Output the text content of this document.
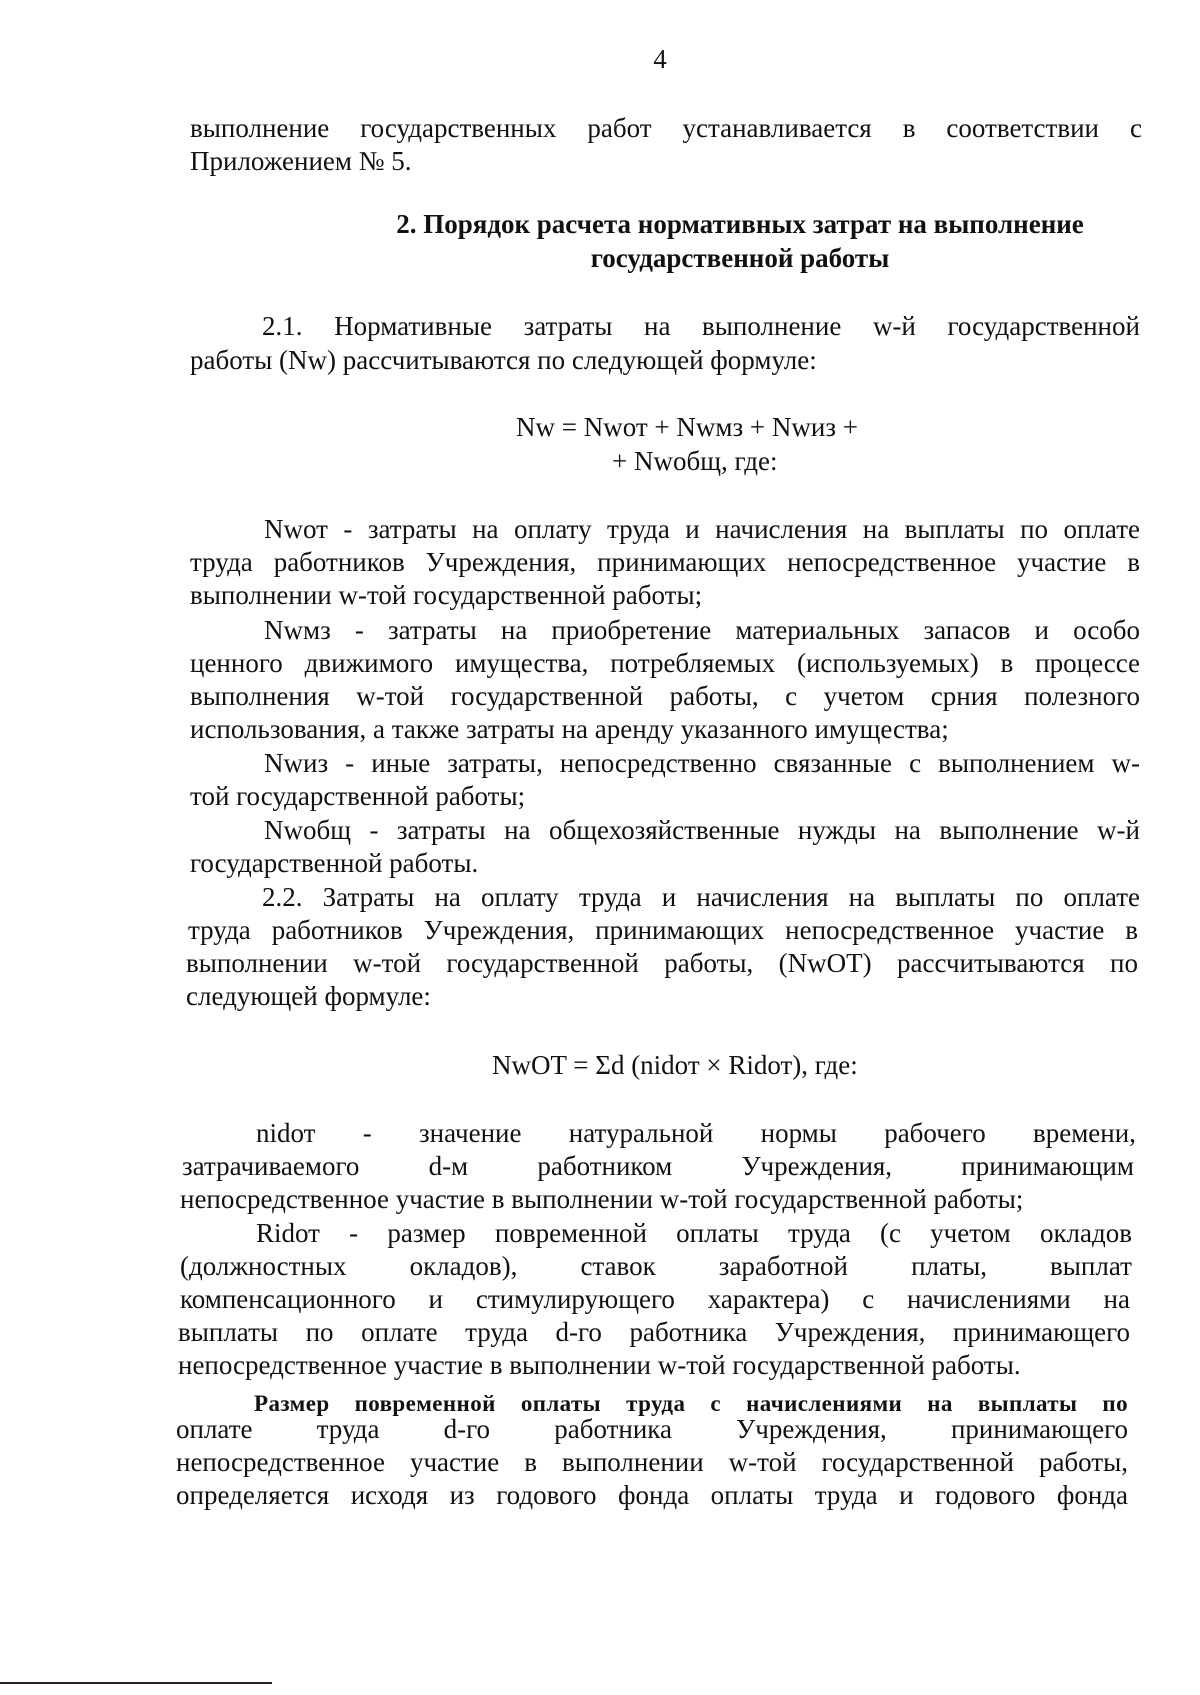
4
выполнение государственных работ устанавливается в соответствии с
Приложением № 5.
2. Порядок расчета нормативных затрат на выполнение
государственной работы
2.1. Нормативные затраты на выполнение w-й государственной
работы (Nw) рассчитываются по следующей формуле:
Nw = Nwот + Nwмз + Nwиз +
+ Nwобщ, где:
Nwот - затраты на оплату труда и начисления на выплаты по оплате
труда работников Учреждения, принимающих непосредственное участие в
выполнении w-той государственной работы;
Nwмз - затраты на приобретение материальных запасов и особо
ценного движимого имущества, потребляемых (используемых) в процессе
выполнения w-той государственной работы, с учетом срния полезного
использования, а также затраты на аренду указанного имущества;
Nwиз - иные затраты, непосредственно связанные с выполнением w-
той государственной работы;
Nwобщ - затраты на общехозяйственные нужды на выполнение w-й
государственной работы.
2.2. Затраты на оплату труда и начисления на выплаты по оплате
труда работников Учреждения, принимающих непосредственное участие в
выполнении w-той государственной работы, (NwOT) рассчитываются по
следующей формуле:
NwOT = Σd (nidот × Ridот), где:
nidот - значение натуральной нормы рабочего времени,
затрачиваемого	d-м	работником	Учреждения,	принимающим
непосредственное участие в выполнении w-той государственной работы;
Ridот - размер повременной оплаты труда (с учетом окладов
(должностных окладов), ставок заработной платы, выплат
компенсационного и стимулирующего характера) с начислениями на
выплаты по оплате труда d-го работника Учреждения, принимающего
непосредственное участие в выполнении w-той государственной работы.
Размер повременной оплаты труда с начислениями на выплаты по
оплате труда d-го работника Учреждения, принимающего
непосредственное участие в выполнении w-той государственной работы,
определяется исходя из годового фонда оплаты труда и годового фонда
